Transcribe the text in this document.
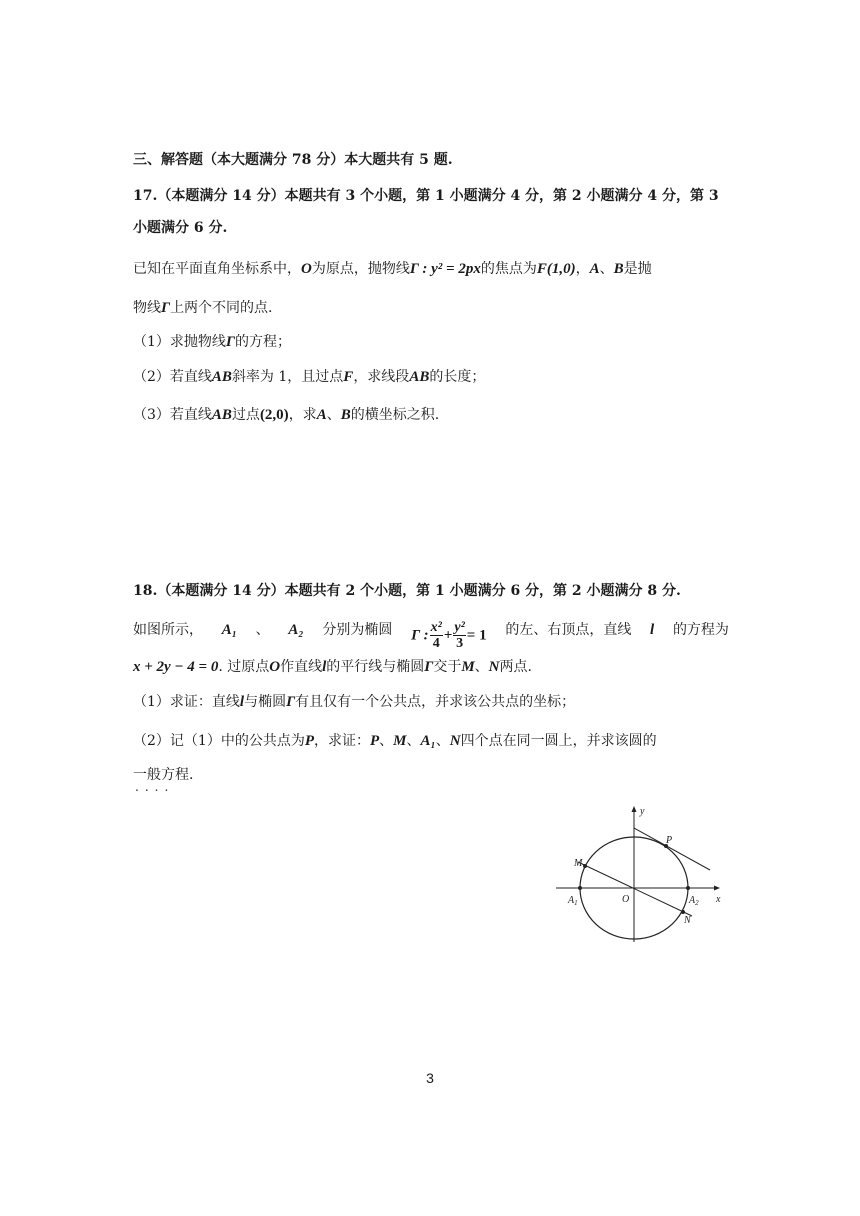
三、解答题（本大题满分 78 分）本大题共有 5 题.
17.（本题满分 14 分）本题共有 3 个小题，第 1 小题满分 4 分，第 2 小题满分 4 分，第 3
小题满分 6 分.
已知在平面直角坐标系中，O为原点，抛物线Γ : y² = 2px的焦点为F(1,0)，A、B是抛
物线Γ上两个不同的点.
（1）求抛物线Γ的方程；
（2）若直线AB斜率为 1，且过点F，求线段AB的长度；
（3）若直线AB过点(2,0)，求A、B的横坐标之积.
18.（本题满分 14 分）本题共有 2 个小题，第 1 小题满分 6 分，第 2 小题满分 8 分.
如图所示， A₁ 、 A₂ 分别为椭圆 Γ : $\frac{\text{x²}}{4} + \frac{\text{y²}}{3} = 1$ 的左、右顶点，直线 l 的方程为
x + 2y − 4 = 0. 过原点O作直线l的平行线与椭圆Γ交于M、N两点.
（1）求证：直线l与椭圆Γ有且仅有一个公共点，并求该公共点的坐标；
（2）记（1）中的公共点为P，求证：P、M、A₁、N四个点在同一圆上，并求该圆的
一般方程.
....
y
x
O
P
M
N
$A_1$	$A_2$
3
